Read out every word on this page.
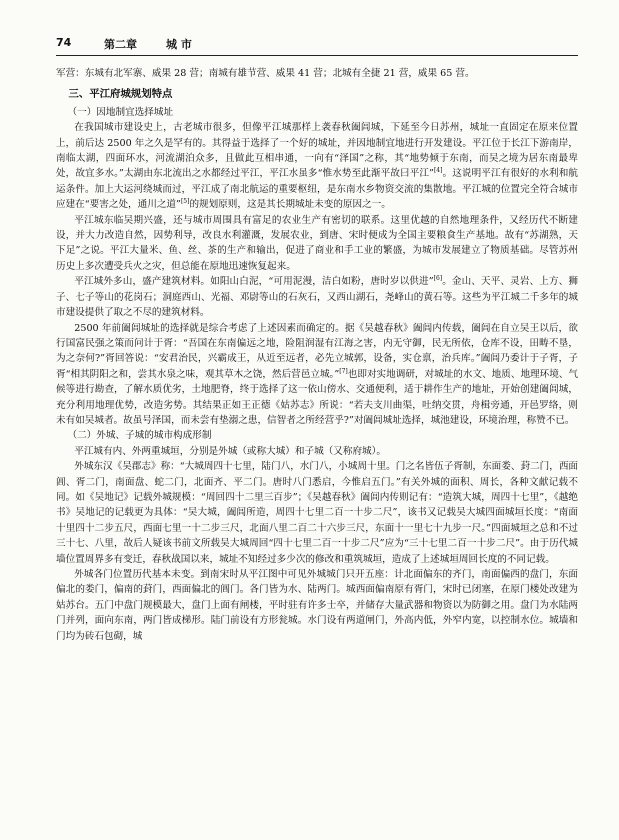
74	第二章	城 市

军营：东城有北军寨、威果 28 营；南城有雄节营、威果 41 营；北城有全捷 21 营，威果 65 营。

三、平江府城规划特点

（一）因地制宜选择城址

在我国城市建设史上，古老城市很多，但像平江城那样上袭春秋阖闾城，下延至今日苏州，城址一直固定在原来位置上，前后达 2500 年之久是罕有的。其得益于选择了一个好的城址，并因地制宜地进行开发建设。平江位于长江下游南岸，南临太湖，四面环水，河流湖泊众多，且做此互相串通，一向有“泽国”之称，其“地势倾于东南，而吴之境为居东南最卑处，故宜多水。”太湖由东北流出之水都经过平江，平江水虽多“惟水势至此渐平故曰平江”[4]。这说明平江有很好的水利和航运条件。加上大运河绕城而过，平江成了南北航运的重要枢纽，是东南水乡物资交流的集散地。平江城的位置完全符合城市应建在“要害之处，通川之道”[5]的规划原则，这是其长期城址未变的原因之一。

平江城东临吴期兴盛，还与城市周围具有富足的农业生产有密切的联系。这里优越的自然地理条件，又经历代不断建设，并大力改造自然，因势利导，改良水利灌溉，发展农业，到唐、宋时便成为全国主要粮食生产基地。故有“苏湖熟，天下足”之说。平江大量米、鱼、丝、茶的生产和输出，促进了商业和手工业的繁盛，为城市发展建立了物质基础。尽管苏州历史上多次遭受兵火之灾，但总能在原地迅速恢复起来。

平江城外多山，盛产建筑材料。如阳山白泥，“可用泥漫，洁白如粉，唐时岁以供进”[6]。金山、天平、灵岩、上方、狮子、七子等山的花岗石；洞庭西山、光福、邓尉等山的石灰石，又西山湖石，尧峰山的黄石等。这些为平江城二千多年的城市建设提供了取之不尽的建筑材料。

2500 年前阖闾城址的选择就是综合考虑了上述因素而确定的。据《吴越春秋》阖闾内传载，阖闾在自立吴王以后，欲行国富民强之策而问计于胥：“吾国在东南偏远之地，险阻润湿有江海之害，内无守御，民无所依，仓库不设，田畴不垦，为之奈何?”胥回答说：“安君治民，兴霸成王，从近至远者，必先立城郭，设备，实仓禀，治兵库。”阖闾乃委计于子胥，子胥“相其阴阳之和，尝其水泉之味，观其草木之饶，然后营邑立城。”[7]也即对实地调研，对城址的水文、地质、地理环境、气候等进行勘查，了解水质优劣，土地肥脊，终于选择了这一依山傍水、交通便利，适于耕作生产的地址，开始创建阖闾城，充分利用地理优势，改造劣势。其结果正如王正德《姑苏志》所说：“若夫支川曲渠，吐纳交贯，舟楫旁通，开邑罗络，则未有如吴城者。故虽号泽国，而未尝有垫溺之患，信智者之所经营乎?”对阖闾城址选择，城池建设，环境治理，称赞不已。

（二）外城、子城的城市构成形制

平江城有内、外两重城垣，分别是外城（或称大城）和子城（又称府城）。

外城东汉《吴郡志》称：“大城周四十七里，陆门八，水门八，小城周十里。门之名皆伍子胥制，东面娄、葑二门，西面阊、胥二门，南面盘、蛇二门，北面齐、平二门。唐时八门悉启，今惟启五门。”有关外城的面积、周长，各种文献记载不同。如《吴地记》记载外城规模：“周回四十二里三百步”；《吴越春秋》阖闾内传则记有：“造筑大城，周四十七里”，《越绝书》吴地记的记载更为具体：“吴大城，阖闾所造，周四十七里二百一十步二尺”，该书又记载吴大城四面城垣长度：“南面十里四十二步五尺，西面七里一十二步三尺，北面八里二百二十六步三尺，东面十一里七十九步一尺。”四面城垣之总和不过三十七、八里，故后人疑该书前文所载吴大城周回“四十七里二百一十步二尺”应为“三十七里二百一十步二尺”。由于历代城墙位置周界多有变迁，春秋战国以来，城址不知经过多少次的修改和重筑城垣，造成了上述城垣周回长度的不同记载。

外城各门位置历代基本未变。到南宋时从平江图中可见外城城门只开五座：计北面偏东的齐门，南面偏西的盘门，东面偏北的娄门，偏南的葑门，西面偏北的阊门。各门皆为水、陆两门。城西面偏南原有胥门，宋时已闭塞，在原门楼处改建为姑苏台。五门中盘门规模最大，盘门上面有闸楼，平时驻有许多士卒，并储存大量武器和物资以为防御之用。盘门为水陆两门并列，面向东南，两门皆成梯形。陆门前设有方形瓮城。水门设有两道闸门，外高内低，外窄内宽，以控制水位。城墙和门均为砖石包砌，城
